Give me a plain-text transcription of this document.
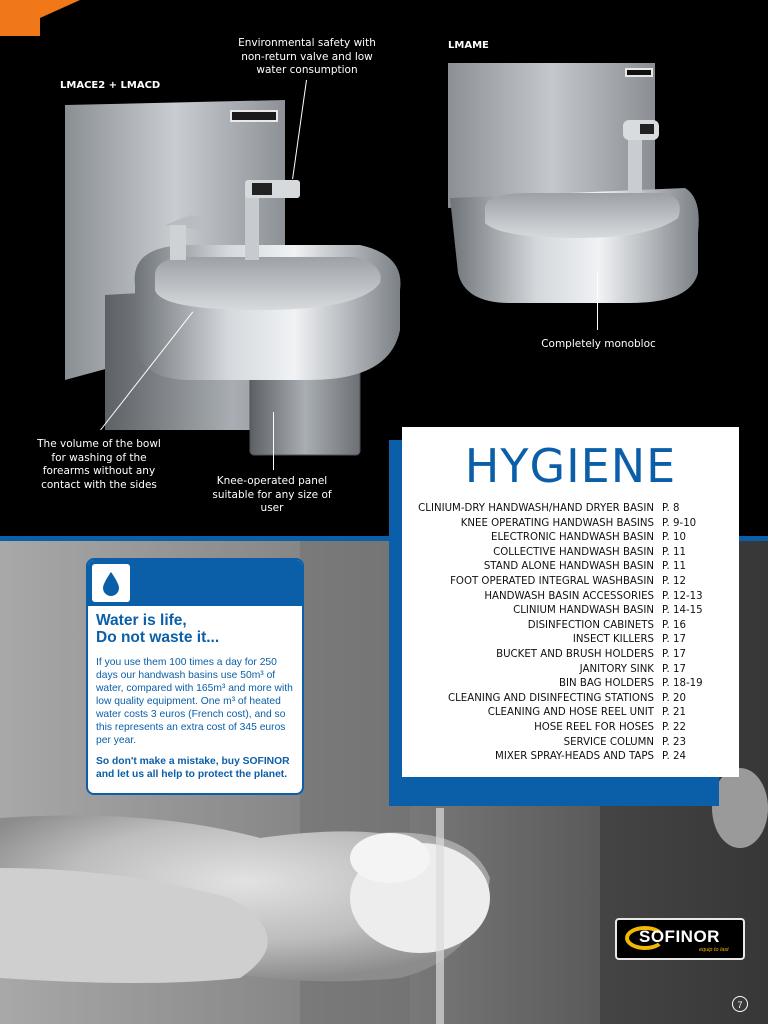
LMACE2 + LMACD
LMAME
Environmental safety with non-return valve and low water consumption
The volume of the bowl for washing of the forearms without any contact with the sides	Knee-operated panel suitable for any size of user
Completely monobloc
HYGIENE
CLINIUM-DRY HANDWASH/HAND DRYER BASIN P. 8
KNEE OPERATING HANDWASH BASINS P. 9-10
ELECTRONIC HANDWASH BASIN P. 10
COLLECTIVE HANDWASH BASIN P. 11
STAND ALONE HANDWASH BASIN P. 11
FOOT OPERATED INTEGRAL WASHBASIN P. 12
HANDWASH BASIN ACCESSORIES P. 12-13
CLINIUM HANDWASH BASIN P. 14-15
DISINFECTION CABINETS P. 16
INSECT KILLERS P. 17
BUCKET AND BRUSH HOLDERS P. 17
JANITORY SINK P. 17
BIN BAG HOLDERS P. 18-19
CLEANING AND DISINFECTING STATIONS P. 20
CLEANING AND HOSE REEL UNIT P. 21
HOSE REEL FOR HOSES P. 22
SERVICE COLUMN P. 23
MIXER SPRAY-HEADS AND TAPS P. 24
Water is life,
Do not waste it...
If you use them 100 times a day for 250 days our handwash basins use 50m³ of water, compared with 165m³ and more with low quality equipment. One m³ of heated water costs 3 euros (French cost), and so this represents an extra cost of 345 euros per year.
So don't make a mistake, buy SOFINOR and let us all help to protect the planet.
SOFINOR
equip to last
7
